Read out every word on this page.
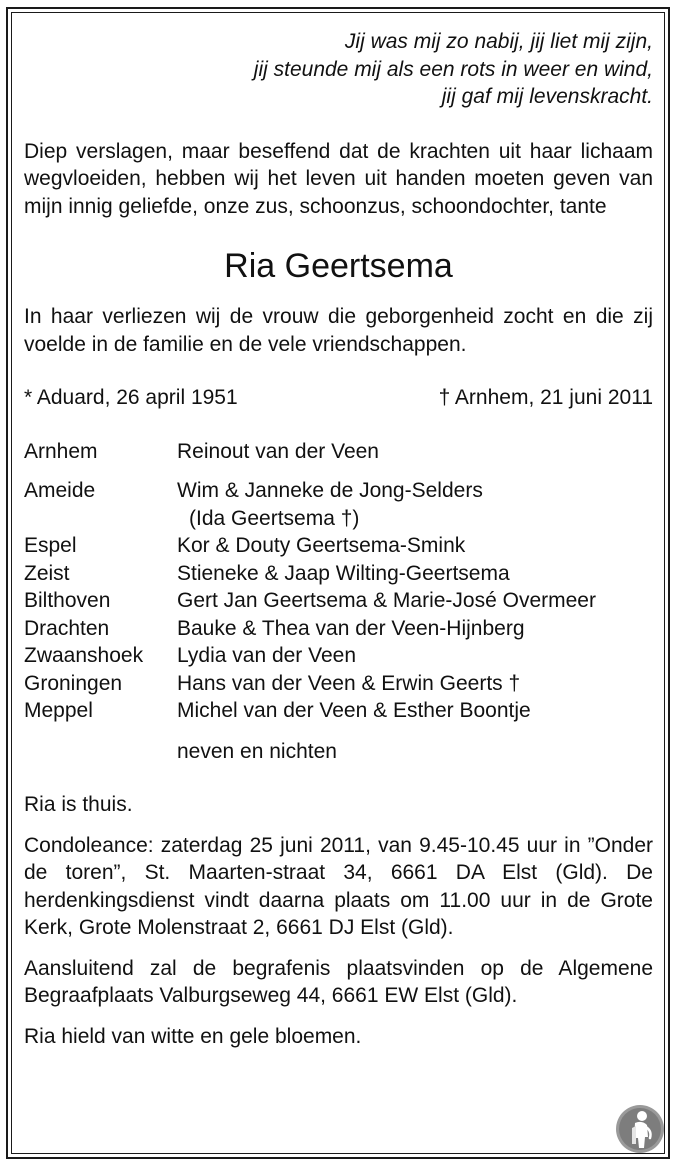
Jij was mij zo nabij, jij liet mij zijn,
jij steunde mij als een rots in weer en wind,
jij gaf mij levenskracht.

Diep verslagen, maar beseffend dat de krachten uit haar lichaam wegvloeiden, hebben wij het leven uit handen moeten geven van mijn innig geliefde, onze zus, schoonzus, schoondochter, tante

Ria Geertsema

In haar verliezen wij de vrouw die geborgenheid zocht en die zij voelde in de familie en de vele vriendschappen.

* Aduard, 26 april 1951	† Arnhem, 21 juni 2011
Arnhem	Reinout van der Veen
Ameide	Wim & Janneke de Jong-Selders
(Ida Geertsema †)
Espel	Kor & Douty Geertsema-Smink
Zeist	Stieneke & Jaap Wilting-Geertsema
Bilthoven	Gert Jan Geertsema & Marie-José Overmeer
Drachten	Bauke & Thea van der Veen-Hijnberg
Zwaanshoek	Lydia van der Veen
Groningen	Hans van der Veen & Erwin Geerts †
Meppel	Michel van der Veen & Esther Boontje

neven en nichten

Ria is thuis.

Condoleance: zaterdag 25 juni 2011, van 9.45-10.45 uur in ”Onder de toren”, St. Maarten-straat 34, 6661 DA Elst (Gld). De herdenkingsdienst vindt daarna plaats om 11.00 uur in de Grote Kerk, Grote Molenstraat 2, 6661 DJ Elst (Gld).

Aansluitend zal de begrafenis plaatsvinden op de Algemene Begraafplaats Valburgseweg 44, 6661 EW Elst (Gld).

Ria hield van witte en gele bloemen.
